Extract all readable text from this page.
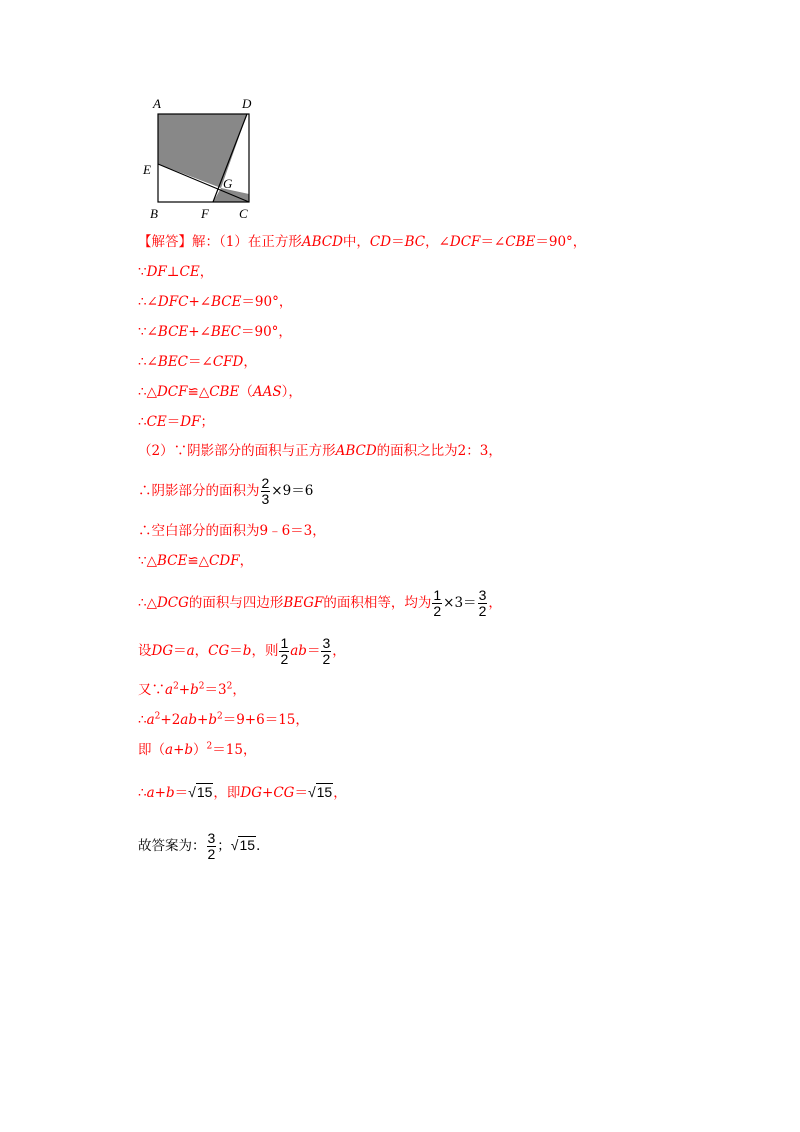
A	D
E
G
B	F C
【解答】解：（1）在正方形ABCD中，CD＝BC，∠DCF＝∠CBE＝90°，
∵DF⊥CE，
∴∠DFC+∠BCE＝90°，
∵∠BCE+∠BEC＝90°，
∴∠BEC＝∠CFD，
∴△DCF≌△CBE（AAS），
∴CE＝DF；
（2）∵阴影部分的面积与正方形ABCD的面积之比为2：3，
∴阴影部分的面积为 $\frac{2}{3} \times 9=6$
∴空白部分的面积为9﹣6＝3，
∵△BCE≌△CDF，
∴△DCG的面积与四边形BEGF的面积相等，均为 $\frac{1}{2} \times 3= \frac{3}{2}$ ，
设DG＝a，CG＝b，则 $\frac{1}{2} ab= \frac{3}{2}$ ，
又$\because a^2+b^2=3^2$，
$\therefore a^2+2ab+b^2=9+6=15$，
即$(a+b)^2=15$，
∴a+b＝√15，即DG+CG＝√15，
故答案为： $\frac{3}{2}$ ；√15．
